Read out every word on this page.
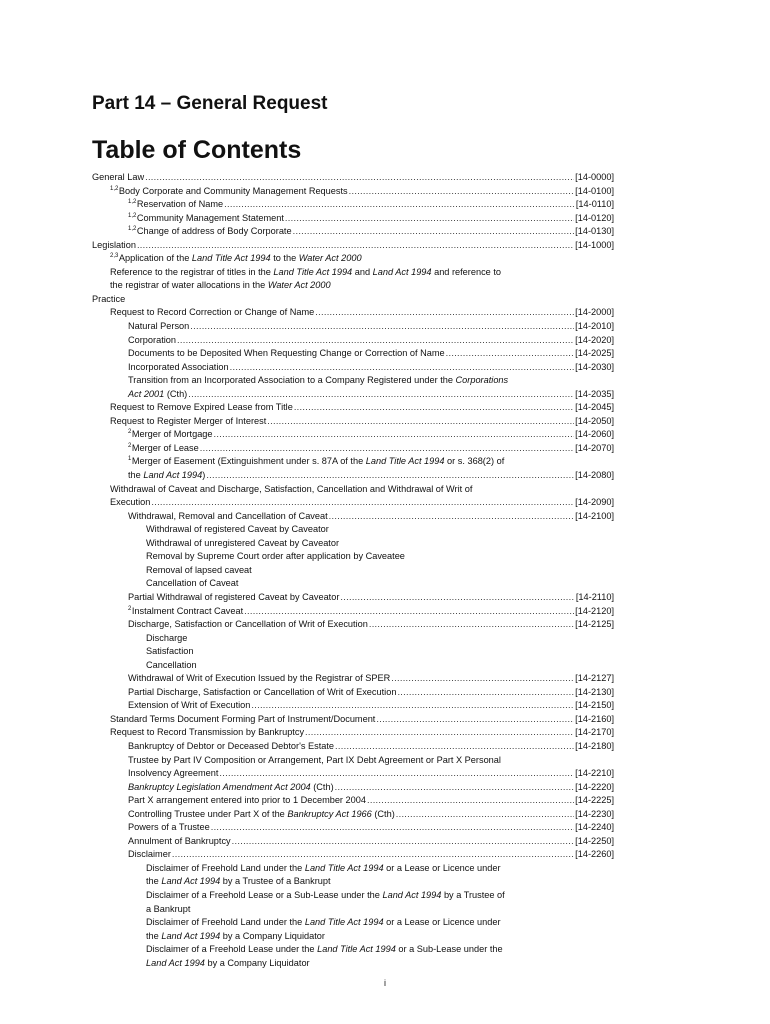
Part 14 – General Request
Table of Contents
General Law .....	[14-0000]
$^{1,2}$Body Corporate and Community Management Requests .....	[14-0100]
$^{1,2}$Reservation of Name .....	[14-0110]
$^{1,2}$Community Management Statement .....	[14-0120]
$^{1,2}$Change of address of Body Corporate .....	[14-0130]
Legislation .....	[14-1000]
$^{2,3}$Application of the Land Title Act 1994 to the Water Act 2000
Reference to the registrar of titles in the Land Title Act 1994 and Land Act 1994 and reference to
the registrar of water allocations in the Water Act 2000
Practice
Request to Record Correction or Change of Name .....	[14-2000]
Natural Person .....	[14-2010]
Corporation .....	[14-2020]
Documents to be Deposited When Requesting Change or Correction of Name .....	[14-2025]
Incorporated Association .....	[14-2030]
Transition from an Incorporated Association to a Company Registered under the Corporations
Act 2001 (Cth) .....	[14-2035]
Request to Remove Expired Lease from Title .....	[14-2045]
Request to Register Merger of Interest .....	[14-2050]
$^2$Merger of Mortgage .....	[14-2060]
$^2$Merger of Lease .....	[14-2070]
$^1$Merger of Easement (Extinguishment under s. 87A of the Land Title Act 1994 or s. 368(2) of
the Land Act 1994) .....	[14-2080]
Withdrawal of Caveat and Discharge, Satisfaction, Cancellation and Withdrawal of Writ of
Execution .....	[14-2090]
Withdrawal, Removal and Cancellation of Caveat .....	[14-2100]
Withdrawal of registered Caveat by Caveator
Withdrawal of unregistered Caveat by Caveator
Removal by Supreme Court order after application by Caveatee
Removal of lapsed caveat
Cancellation of Caveat
Partial Withdrawal of registered Caveat by Caveator .....	[14-2110]
$^2$Instalment Contract Caveat .....	[14-2120]
Discharge, Satisfaction or Cancellation of Writ of Execution .....	[14-2125]
Discharge
Satisfaction
Cancellation
Withdrawal of Writ of Execution Issued by the Registrar of SPER .....	[14-2127]
Partial Discharge, Satisfaction or Cancellation of Writ of Execution .....	[14-2130]
Extension of Writ of Execution .....	[14-2150]
Standard Terms Document Forming Part of Instrument/Document .....	[14-2160]
Request to Record Transmission by Bankruptcy .....	[14-2170]
Bankruptcy of Debtor or Deceased Debtor's Estate .....	[14-2180]
Trustee by Part IV Composition or Arrangement, Part IX Debt Agreement or Part X Personal
Insolvency Agreement .....	[14-2210]
Bankruptcy Legislation Amendment Act 2004 (Cth) .....	[14-2220]
Part X arrangement entered into prior to 1 December 2004 .....	[14-2225]
Controlling Trustee under Part X of the Bankruptcy Act 1966 (Cth) .....	[14-2230]
Powers of a Trustee .....	[14-2240]
Annulment of Bankruptcy .....	[14-2250]
Disclaimer .....	[14-2260]
Disclaimer of Freehold Land under the Land Title Act 1994 or a Lease or Licence under
the Land Act 1994 by a Trustee of a Bankrupt
Disclaimer of a Freehold Lease or a Sub-Lease under the Land Act 1994 by a Trustee of
a Bankrupt
Disclaimer of Freehold Land under the Land Title Act 1994 or a Lease or Licence under
the Land Act 1994 by a Company Liquidator
Disclaimer of a Freehold Lease under the Land Title Act 1994 or a Sub-Lease under the
Land Act 1994 by a Company Liquidator
i
